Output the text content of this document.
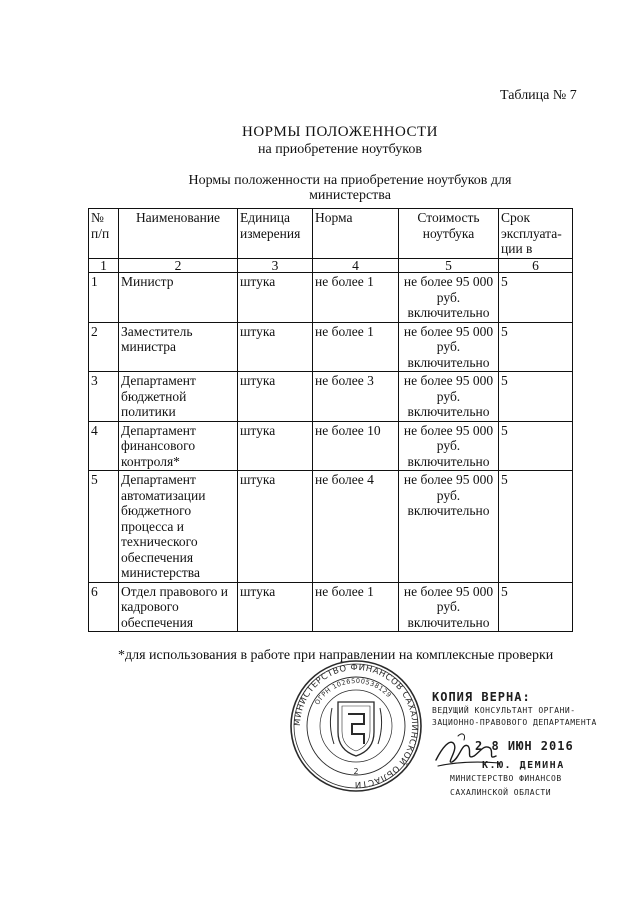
Таблица № 7
НОРМЫ ПОЛОЖЕННОСТИ
на приобретение ноутбуков
Нормы положенности на приобретение ноутбуков для министерства
№ п/п	Наименование	Единица измерения	Норма	Стоимость ноутбука	Срок эксплуата-ции в
1	2	3	4	5	6
1	Министр	штука	не более 1	не более 95 000 руб. включительно	5
2	Заместитель министра	штука	не более 1	не более 95 000 руб. включительно	5
3	Департамент бюджетной политики	штука	не более 3	не более 95 000 руб. включительно	5
4	Департамент финансового контроля*	штука	не более 10	не более 95 000 руб. включительно	5
5	Департамент автоматизации бюджетного процесса и технического обеспечения министерства	штука	не более 4	не более 95 000 руб. включительно	5
6	Отдел правового и кадрового обеспечения	штука	не более 1	не более 95 000 руб. включительно	5
*для использования в работе при направлении на комплексные проверки
МИНИСТЕРСТВО ФИНАНСОВ САХАЛИНСКОЙ ОБЛАСТИ
ОГРН 1026500538129
2
КОПИЯ ВЕРНА:
ВЕДУЩИЙ КОНСУЛЬТАНТ ОРГАНИ-
ЗАЦИОННО-ПРАВОВОГО ДЕПАРТАМЕНТА
2 8 ИЮН 2016
К.Ю. ДЕМИНА
МИНИСТЕРСТВО ФИНАНСОВ
САХАЛИНСКОЙ ОБЛАСТИ
